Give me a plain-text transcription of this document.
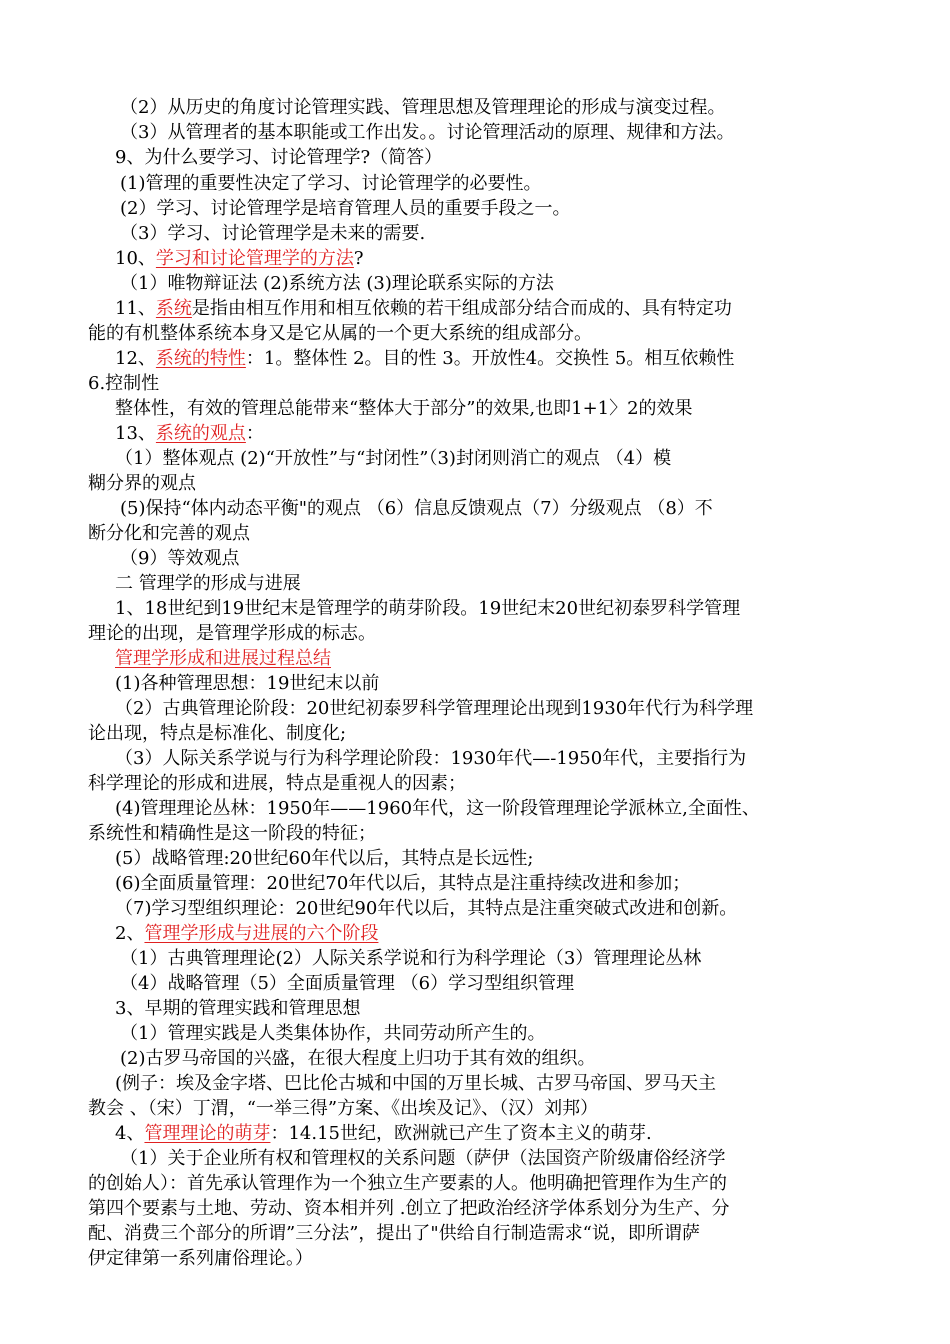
（2）从历史的角度讨论管理实践、管理思想及管理理论的形成与演变过程。
（3）从管理者的基本职能或工作出发。。讨论管理活动的原理、规律和方法。
9、为什么要学习、讨论管理学?（简答）
(1)管理的重要性决定了学习、讨论管理学的必要性。
(2）学习、讨论管理学是培育管理人员的重要手段之一。
（3）学习、讨论管理学是未来的需要.
10、学习和讨论管理学的方法?
（1）唯物辩证法 (2)系统方法 (3)理论联系实际的方法
11、系统是指由相互作用和相互依赖的若干组成部分结合而成的、具有特定功
能的有机整体系统本身又是它从属的一个更大系统的组成部分。
12、系统的特性：1。整体性 2。目的性 3。开放性4。交换性 5。相互依赖性
6.控制性
整体性，有效的管理总能带来“整体大于部分”的效果,也即1+1〉2的效果
13、系统的观点：
（1）整体观点 (2)“开放性”与“封闭性”（3)封闭则消亡的观点 （4）模
糊分界的观点
(5)保持“体内动态平衡"的观点 （6）信息反馈观点（7）分级观点 （8）不
断分化和完善的观点
（9）等效观点
二 管理学的形成与进展
1、18世纪到19世纪末是管理学的萌芽阶段。19世纪末20世纪初泰罗科学管理
理论的出现，是管理学形成的标志。
管理学形成和进展过程总结
(1)各种管理思想：19世纪末以前
（2）古典管理论阶段：20世纪初泰罗科学管理理论出现到1930年代行为科学理
论出现，特点是标准化、制度化;
（3）人际关系学说与行为科学理论阶段：1930年代—-1950年代，主要指行为
科学理论的形成和进展，特点是重视人的因素；
(4)管理理论丛林：1950年——1960年代，这一阶段管理理论学派林立,全面性、
系统性和精确性是这一阶段的特征；
(5）战略管理:20世纪60年代以后，其特点是长远性;
(6)全面质量管理：20世纪70年代以后，其特点是注重持续改进和参加；
（7)学习型组织理论：20世纪90年代以后，其特点是注重突破式改进和创新。
2、管理学形成与进展的六个阶段
（1）古典管理理论(2）人际关系学说和行为科学理论（3）管理理论丛林
（4）战略管理（5）全面质量管理 （6）学习型组织管理
3、早期的管理实践和管理思想
（1）管理实践是人类集体协作，共同劳动所产生的。
(2)古罗马帝国的兴盛，在很大程度上归功于其有效的组织。
(例子：埃及金字塔、巴比伦古城和中国的万里长城、古罗马帝国、罗马天主
教会 、（宋）丁渭，“一举三得”方案、《出埃及记》、（汉）刘邦）
4、管理理论的萌芽：14.15世纪，欧洲就已产生了资本主义的萌芽.
（1）关于企业所有权和管理权的关系问题（萨伊（法国资产阶级庸俗经济学
的创始人）：首先承认管理作为一个独立生产要素的人。他明确把管理作为生产的
第四个要素与土地、劳动、资本相并列 .创立了把政治经济学体系划分为生产、分
配、消费三个部分的所谓”三分法”，提出了"供给自行制造需求“说，即所谓萨
伊定律第一系列庸俗理论。）
